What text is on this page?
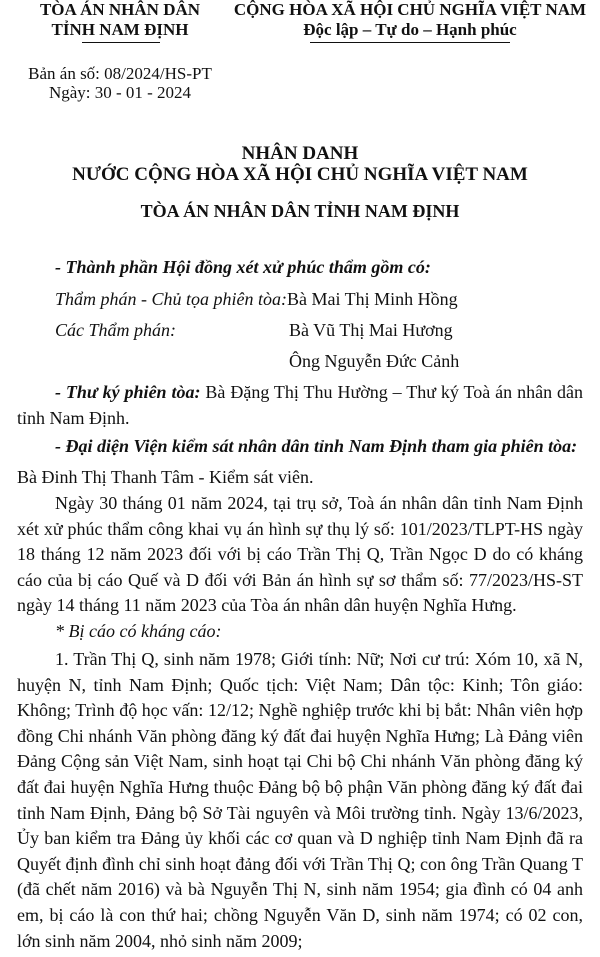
TÒA ÁN NHÂN DÂN
TỈNH NAM ĐỊNH
CỘNG HÒA XÃ HỘI CHỦ NGHĨA VIỆT NAM
Độc lập – Tự do – Hạnh phúc
Bản án số: 08/2024/HS-PT
Ngày: 30 - 01 - 2024
NHÂN DANH
NƯỚC CỘNG HÒA XÃ HỘI CHỦ NGHĨA VIỆT NAM
TÒA ÁN NHÂN DÂN TỈNH NAM ĐỊNH
- Thành phần Hội đồng xét xử phúc thẩm gồm có:
Thẩm phán - Chủ tọa phiên tòa: Bà Mai Thị Minh Hồng
Các Thẩm phán:	Bà Vũ Thị Mai Hương
Ông Nguyễn Đức Cảnh
- Thư ký phiên tòa: Bà Đặng Thị Thu Hường – Thư ký Toà án nhân dân tỉnh Nam Định.
- Đại diện Viện kiểm sát nhân dân tỉnh Nam Định tham gia phiên tòa:
Bà Đinh Thị Thanh Tâm - Kiểm sát viên.
Ngày 30 tháng 01 năm 2024, tại trụ sở, Toà án nhân dân tỉnh Nam Định xét xử phúc thẩm công khai vụ án hình sự thụ lý số: 101/2023/TLPT-HS ngày 18 tháng 12 năm 2023 đối với bị cáo Trần Thị Q, Trần Ngọc D do có kháng cáo của bị cáo Quế và D đối với Bản án hình sự sơ thẩm số: 77/2023/HS-ST ngày 14 tháng 11 năm 2023 của Tòa án nhân dân huyện Nghĩa Hưng.
* Bị cáo có kháng cáo:
1. Trần Thị Q, sinh năm 1978; Giới tính: Nữ; Nơi cư trú: Xóm 10, xã N, huyện N, tỉnh Nam Định; Quốc tịch: Việt Nam; Dân tộc: Kinh; Tôn giáo: Không; Trình độ học vấn: 12/12; Nghề nghiệp trước khi bị bắt: Nhân viên hợp đồng Chi nhánh Văn phòng đăng ký đất đai huyện Nghĩa Hưng; Là Đảng viên Đảng Cộng sản Việt Nam, sinh hoạt tại Chi bộ Chi nhánh Văn phòng đăng ký đất đai huyện Nghĩa Hưng thuộc Đảng bộ bộ phận Văn phòng đăng ký đất đai tỉnh Nam Định, Đảng bộ Sở Tài nguyên và Môi trường tỉnh. Ngày 13/6/2023, Ủy ban kiểm tra Đảng ủy khối các cơ quan và D nghiệp tỉnh Nam Định đã ra Quyết định đình chỉ sinh hoạt đảng đối với Trần Thị Q; con ông Trần Quang T (đã chết năm 2016) và bà Nguyễn Thị N, sinh năm 1954; gia đình có 04 anh em, bị cáo là con thứ hai; chồng Nguyễn Văn D, sinh năm 1974; có 02 con, lớn sinh năm 2004, nhỏ sinh năm 2009;
